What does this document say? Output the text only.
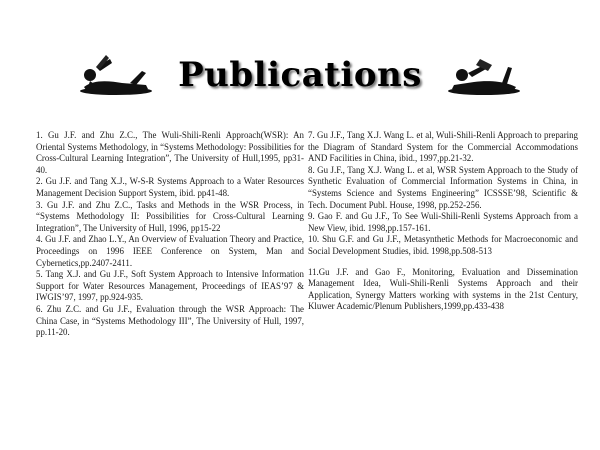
Publications

1. Gu J.F. and Zhu Z.C., The Wuli-Shili-Renli Approach(WSR): An Oriental Systems Methodology, in “Systems Methodology: Possibilities for Cross-Cultural Learning Integration”, The University of Hull,1995, pp31-40.

2. Gu J.F. and Tang X.J., W-S-R Systems Approach to a Water Resources Management Decision Support System, ibid. pp41-48.

3. Gu J.F. and Zhu Z.C., Tasks and Methods in the WSR Process, in “Systems Methodology II: Possibilities for Cross-Cultural Learning Integration”, The University of Hull, 1996, pp15-22

4. Gu J.F. and Zhao L.Y., An Overview of Evaluation Theory and Practice, Proceedings on 1996 IEEE Conference on System, Man and Cybernetics,pp.2407-2411.

5. Tang X.J. and Gu J.F., Soft System Approach to Intensive Information Support for Water Resources Management, Proceedings of IEAS’97 & IWGIS’97, 1997, pp.924-935.

6. Zhu Z.C. and Gu J.F., Evaluation through the WSR Approach: The China Case, in “Systems Methodology III”, The University of Hull, 1997, pp.11-20.

7. Gu J.F., Tang X.J. Wang L. et al, Wuli-Shili-Renli Approach to preparing the Diagram of Standard System for the Commercial Accommodations AND Facilities in China, ibid., 1997,pp.21-32.

8. Gu J.F., Tang X.J. Wang L. et al, WSR System Approach to the Study of Synthetic Evaluation of Commercial Information Systems in China, in “Systems Science and Systems Engineering” ICSSSE’98, Scientific & Tech. Document Publ. House, 1998, pp.252-256.

9. Gao F. and Gu J.F., To See Wuli-Shili-Renli Systems Approach from a New View, ibid. 1998,pp.157-161.

10. Shu G.F. and Gu J.F., Metasynthetic Methods for Macroeconomic and Social Development Studies, ibid. 1998,pp.508-513

11.Gu J.F. and Gao F., Monitoring, Evaluation and Dissemination Management Idea, Wuli-Shili-Renli Systems Approach and their Application, Synergy Matters working with systems in the 21st Century, Kluwer Academic/Plenum Publishers,1999,pp.433-438
